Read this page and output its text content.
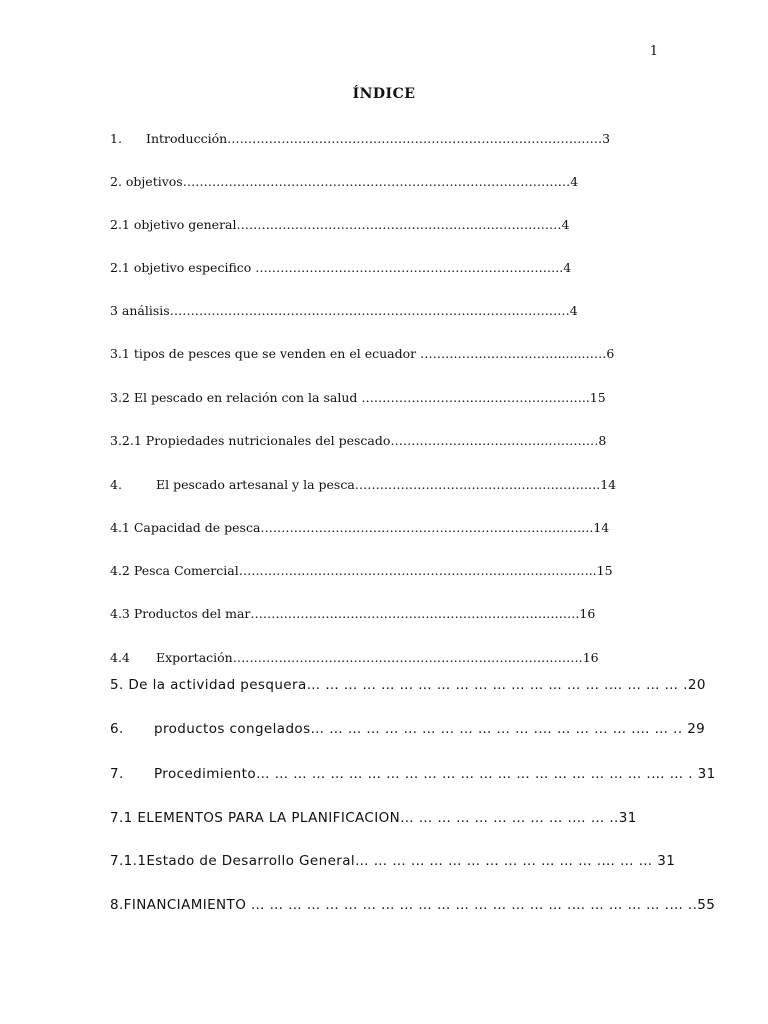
1
ÍNDICE
1. Introducción………………………………………………………………………………3
2. objetivos…………………………………………………………………………………4
2.1 objetivo general……………………………………………………………………4
2.1 objetivo especifico ………………………………………………………………..4
3 análisis……………………………………………………………………………………4
3.1 tipos de pesces que se venden en el ecuador ……………………………......……6
3.2 El pescado en relación con la salud …………………………..…………………..15
3.2.1 Propiedades nutricionales del pescado………………………………..…………8
4.	El pescado artesanal y la pesca…………………………………………………..14
4.1 Capacidad de pesca……………………………………………………………………..14
4.2 Pesca Comercial…………………………………………………………………………..15
4.3 Productos del mar…………………………………………………………………….16
4.4 Exportación…………………………………………………………………………16
5. De la actividad pesquera… … … … … … … … … … … … … … … … .… … … … .20
6. productos congelados… … … … … … … … … … … … .… … … … … .… … .. 29
7. Procedimiento… … … … … … … … … … … … … … … … … … … … … .… … . 31
7.1 ELEMENTOS PARA LA PLANIFICACION… … … … … … … … … .… … ..31
7.1.1Estado de Desarrollo General… … … … … … … … … … … … … .… … … 31
8.FINANCIAMIENTO … … … … … … … … … … … … … … … … … .… … … … … .… ..55
